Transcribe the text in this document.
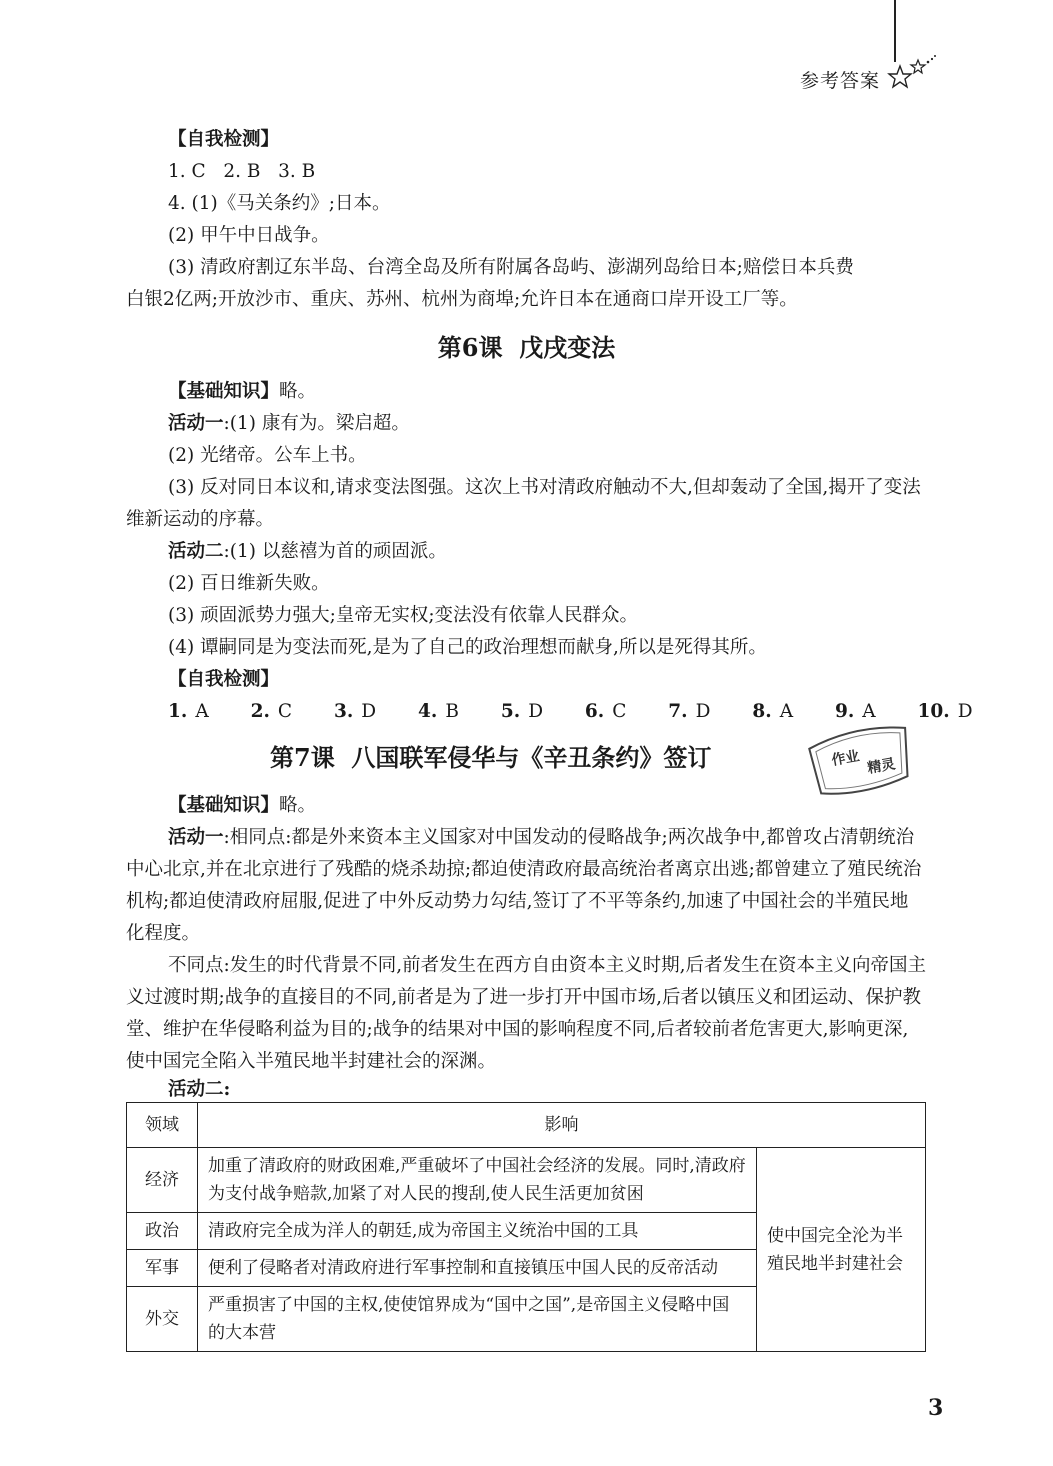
参考答案
【自我检测】
1. C   2. B   3. B
4. (1)《马关条约》;日本。
(2) 甲午中日战争。
(3) 清政府割辽东半岛、台湾全岛及所有附属各岛屿、澎湖列岛给日本;赔偿日本兵费
白银2亿两;开放沙市、重庆、苏州、杭州为商埠;允许日本在通商口岸开设工厂等。
第6课  戊戌变法
【基础知识】略。
活动一:(1) 康有为。梁启超。
(2) 光绪帝。公车上书。
(3) 反对同日本议和,请求变法图强。这次上书对清政府触动不大,但却轰动了全国,揭开了变法维新运动的序幕。
活动二:(1) 以慈禧为首的顽固派。
(2) 百日维新失败。
(3) 顽固派势力强大;皇帝无实权;变法没有依靠人民群众。
(4) 谭嗣同是为变法而死,是为了自己的政治理想而献身,所以是死得其所。
【自我检测】
1. A 2. C 3. D 4. B 5. D 6. C 7. D 8. A 9. A 10. D
作业 精灵
第7课  八国联军侵华与《辛丑条约》签订
【基础知识】略。
活动一:相同点:都是外来资本主义国家对中国发动的侵略战争;两次战争中,都曾攻占清朝统治中心北京,并在北京进行了残酷的烧杀劫掠;都迫使清政府最高统治者离京出逃;都曾建立了殖民统治机构;都迫使清政府屈服,促进了中外反动势力勾结,签订了不平等条约,加速了中国社会的半殖民地化程度。
不同点:发生的时代背景不同,前者发生在西方自由资本主义时期,后者发生在资本主义向帝国主义过渡时期;战争的直接目的不同,前者是为了进一步打开中国市场,后者以镇压义和团运动、保护教堂、维护在华侵略利益为目的;战争的结果对中国的影响程度不同,后者较前者危害更大,影响更深,使中国完全陷入半殖民地半封建社会的深渊。
活动二:
领域	影响	
经济	加重了清政府的财政困难,严重破坏了中国社会经济的发展。同时,清政府为支付战争赔款,加紧了对人民的搜刮,使人民生活更加贫困	使中国完全沦为半殖民地半封建社会
政治	清政府完全成为洋人的朝廷,成为帝国主义统治中国的工具	
军事	便利了侵略者对清政府进行军事控制和直接镇压中国人民的反帝活动	
外交	严重损害了中国的主权,使使馆界成为“国中之国”,是帝国主义侵略中国的大本营	
3
